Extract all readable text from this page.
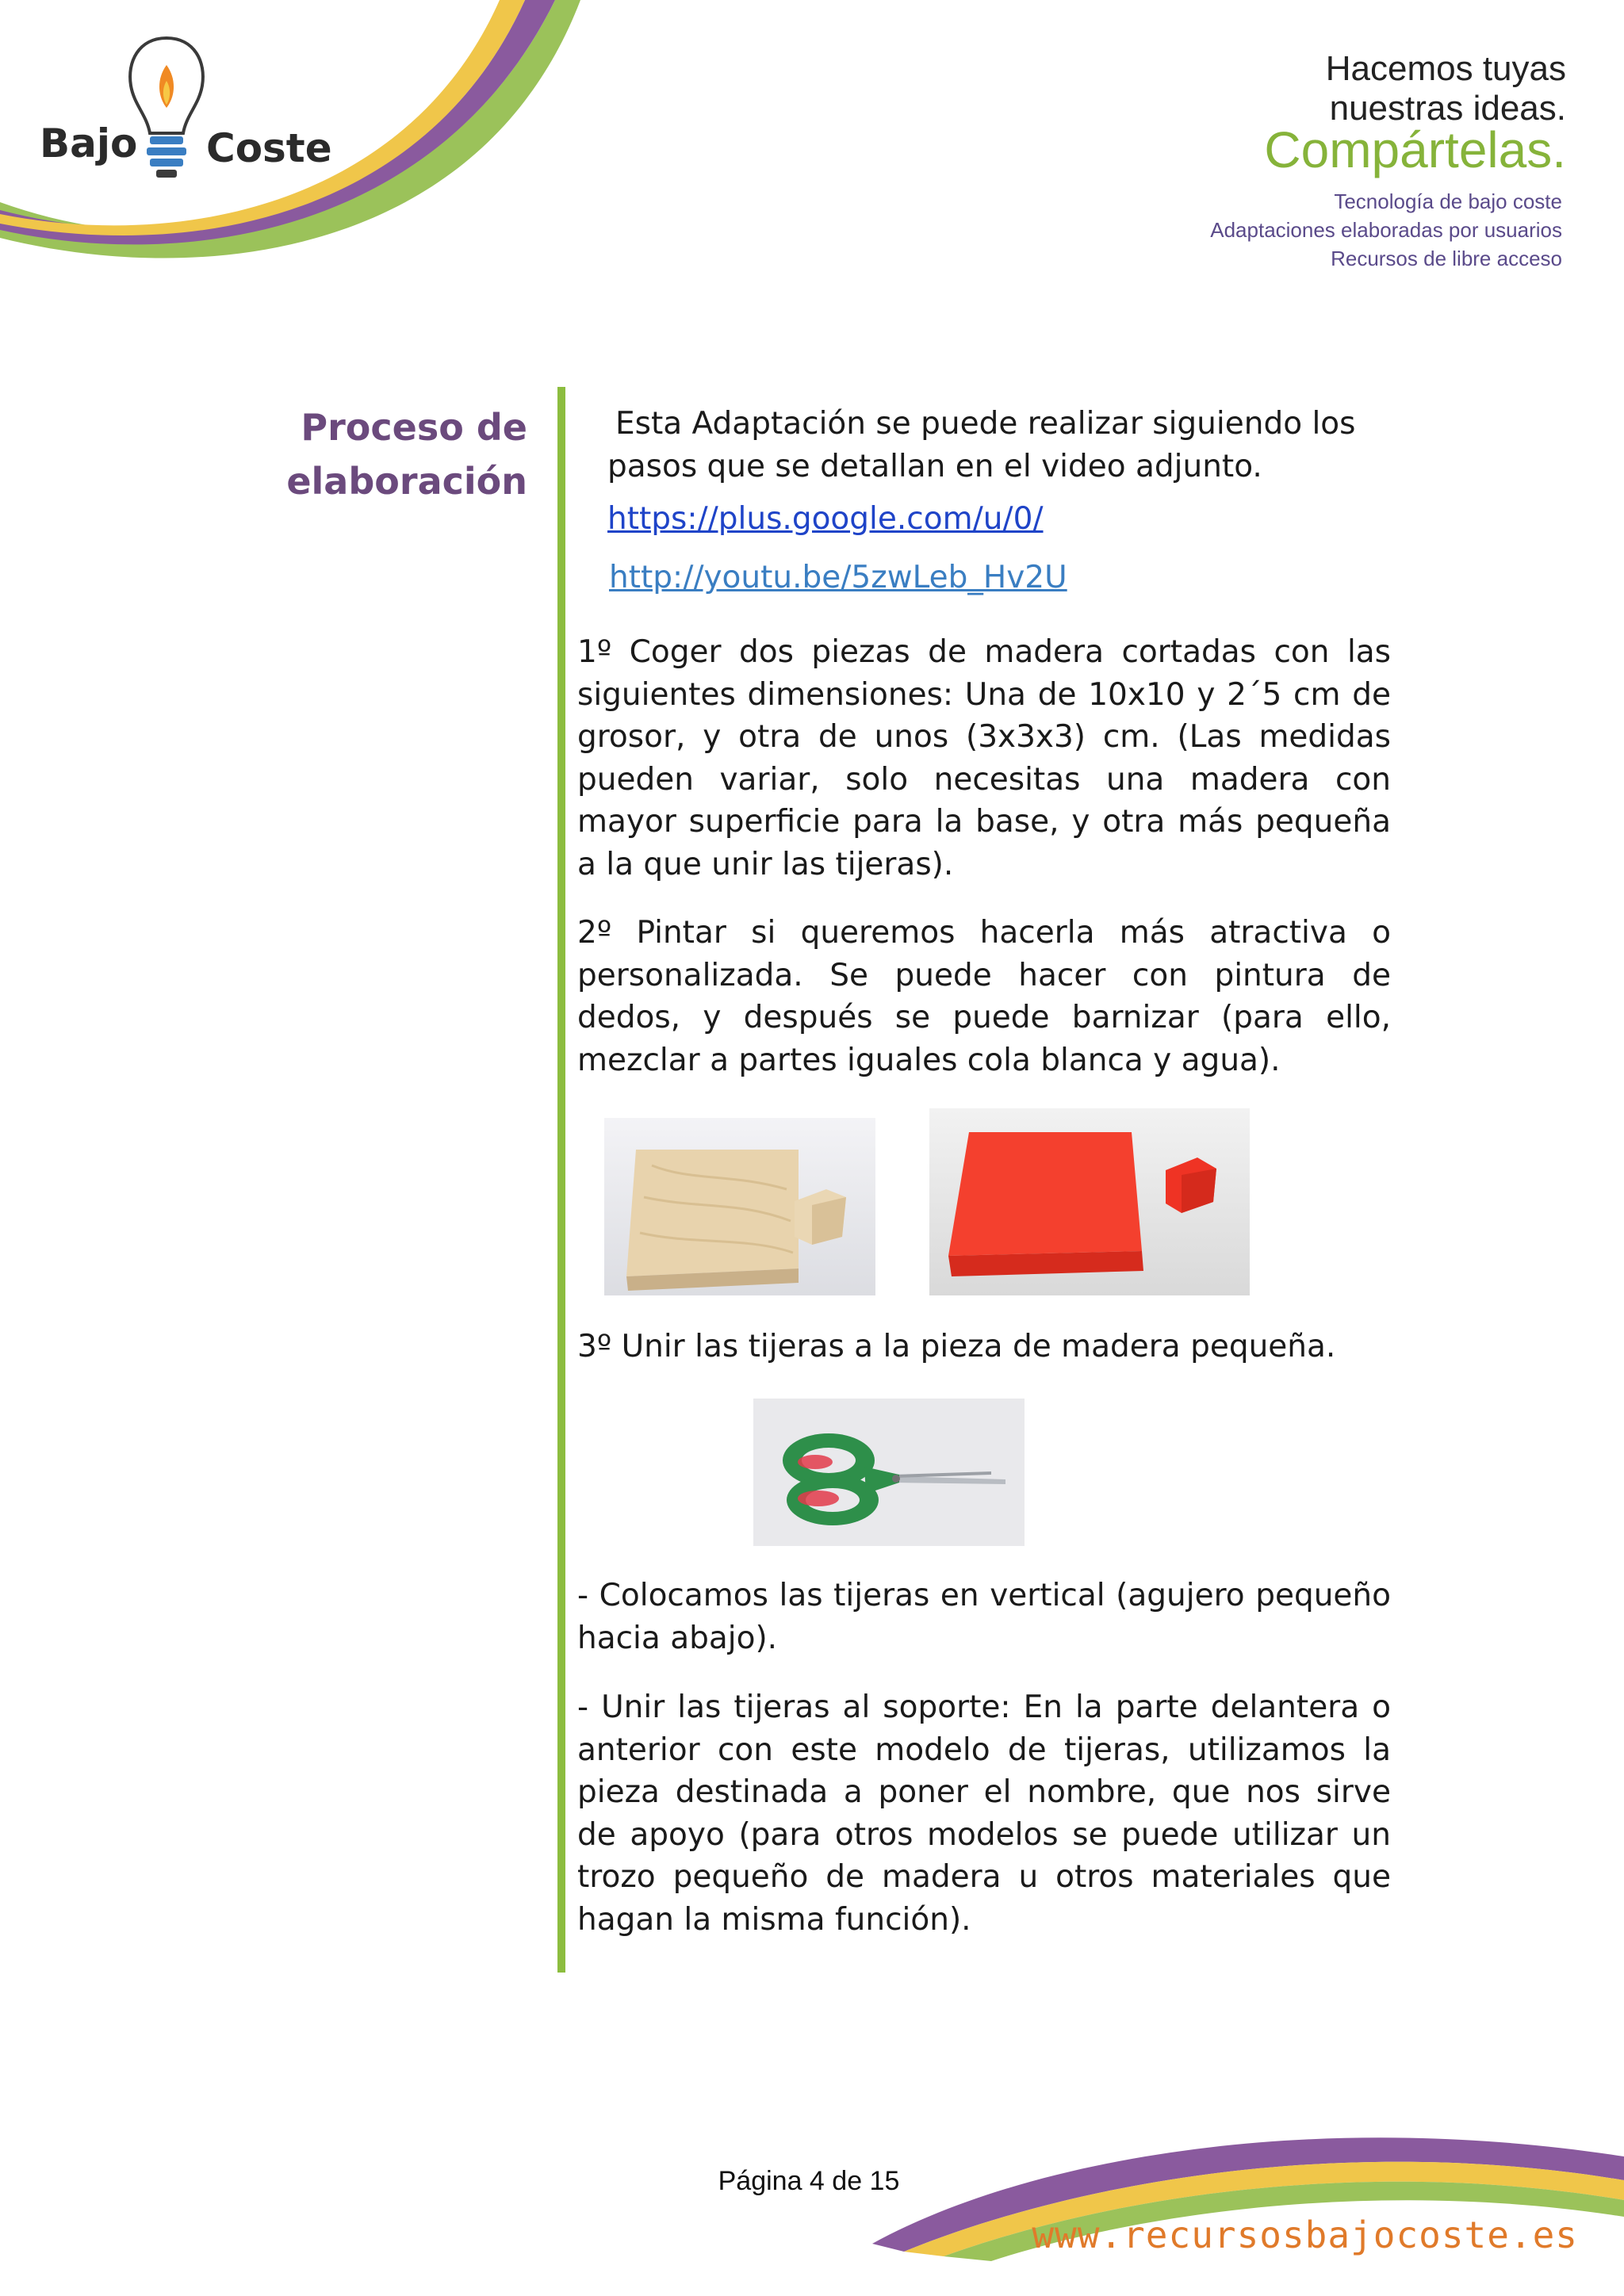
Bajo Coste
Hacemos tuyas
nuestras ideas.
Compártelas.
Tecnología de bajo coste
Adaptaciones elaboradas por usuarios
Recursos de libre acceso
Proceso de
elaboración
Esta Adaptación se puede realizar siguiendo los pasos que se detallan en el video adjunto.
https://plus.google.com/u/0/
http://youtu.be/5zwLeb_Hv2U
1º Coger dos piezas de madera cortadas con las siguientes dimensiones: Una de 10x10 y 2´5 cm de grosor, y otra de unos (3x3x3) cm. (Las medidas pueden variar, solo necesitas una madera con mayor superficie para la base, y otra más pequeña a la que unir las tijeras).
2º Pintar si queremos hacerla más atractiva o personalizada. Se puede hacer con pintura de dedos, y después se puede barnizar (para ello, mezclar a partes iguales cola blanca y agua).
3º Unir las tijeras a la pieza de madera pequeña.
- Colocamos las tijeras en vertical (agujero pequeño hacia abajo).
- Unir las tijeras al soporte: En la parte delantera o anterior con este modelo de tijeras, utilizamos la pieza destinada a poner el nombre, que nos sirve de apoyo (para otros modelos se puede utilizar un trozo pequeño de madera u otros materiales que hagan la misma función).
Página 4 de 15
www.recursosbajocoste.es
